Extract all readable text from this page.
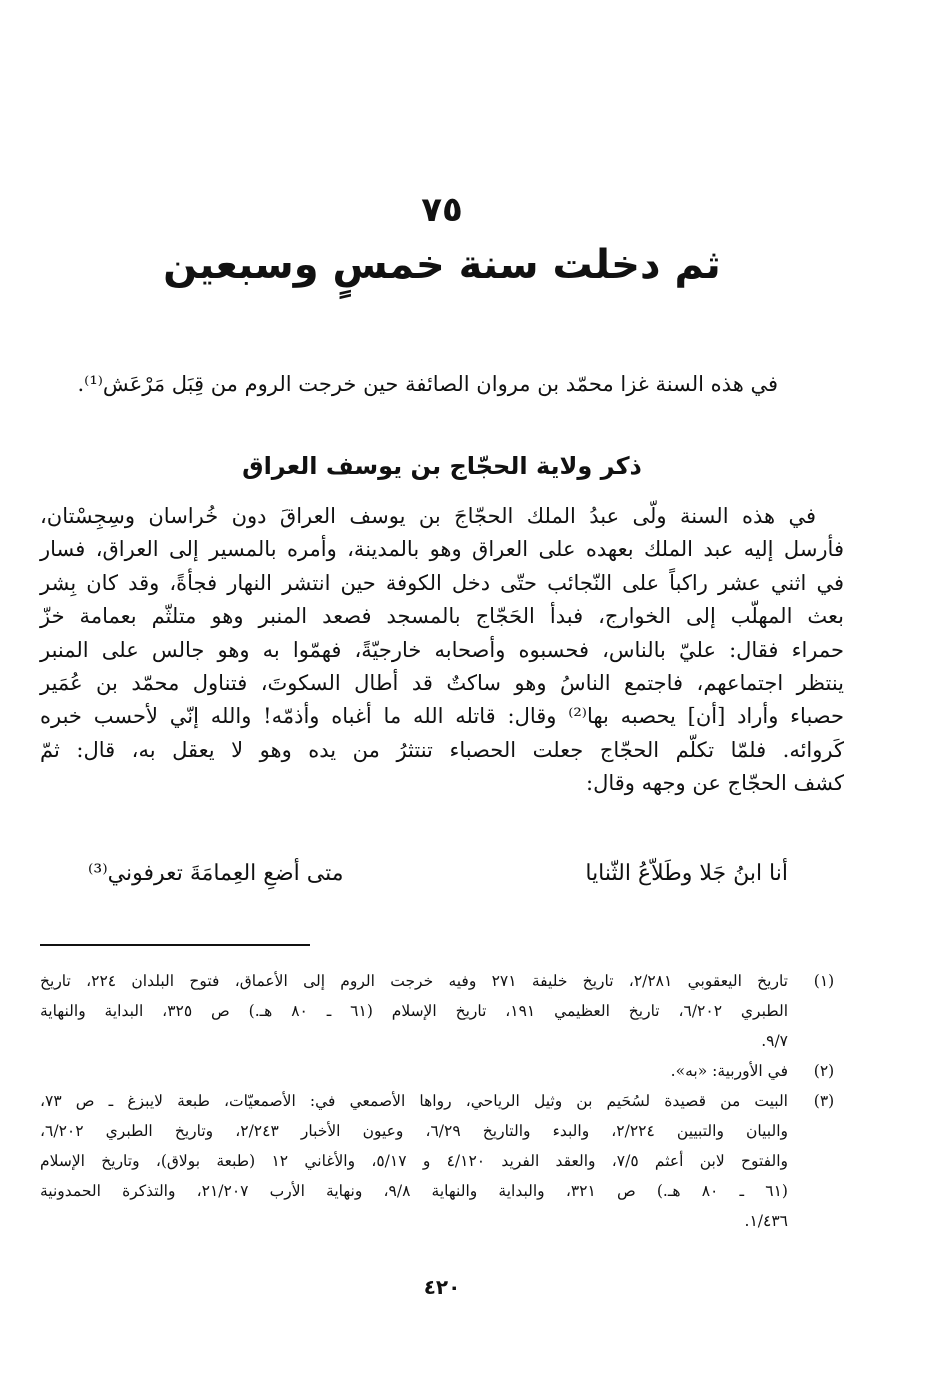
٧٥
ثم دخلت سنة خمسٍ وسبعين
في هذه السنة غزا محمّد بن مروان الصائفة حين خرجت الروم من قِبَل مَرْعَش⁽¹⁾.
ذكر ولاية الحجّاج بن يوسف العراق
في هذه السنة ولّى عبدُ الملك الحجّاجَ بن يوسف العراقَ دون خُراسان وسِجِسْتان،
فأرسل إليه عبد الملك بعهده على العراق وهو بالمدينة، وأمره بالمسير إلى العراق، فسار
في اثني عشر راكباً على النّجائب حتّى دخل الكوفة حين انتشر النهار فجأةً، وقد كان بِشر
بعث المهلّب إلى الخوارج، فبدأ الحَجّاج بالمسجد فصعد المنبر وهو متلثّم بعمامة خزّ
حمراء فقال: عليّ بالناس، فحسبوه وأصحابه خارجيّةً، فهمّوا به وهو جالس على المنبر
ينتظر اجتماعهم، فاجتمع الناسُ وهو ساكتٌ قد أطال السكوتَ، فتناول محمّد بن عُمَير
حصباء وأراد [أن] يحصبه بها⁽²⁾ وقال: قاتله الله ما أغباه وأذمّه! والله إنّي لأحسب خبره
كَروائه. فلمّا تكلّم الحجّاج جعلت الحصباء تنتثرُ من يده وهو لا يعقل به، قال: ثمّ
كشف الحجّاج عن وجهه وقال:
أنا ابنُ جَلا وطَلاّعُ الثّنايا
متى أضعِ العِمامَةَ تعرفوني⁽³⁾
(١)
تاريخ اليعقوبي ٢/٢٨١، تاريخ خليفة ٢٧١ وفيه خرجت الروم إلى الأعماق، فتوح البلدان ٢٢٤، تاريخ
الطبري ٦/٢٠٢، تاريخ العظيمي ١٩١، تاريخ الإسلام (٦١ ـ ٨٠ هـ.) ص ٣٢٥، البداية والنهاية
٩/٧.
(٢)
في الأوربية: «به».
(٣)
البيت من قصيدة لسُحَيم بن وثيل الرياحي، رواها الأصمعي في: الأصمعيّات، طبعة لايبزغ ـ ص ٧٣،
والبيان والتبيين ٢/٢٢٤، والبدء والتاريخ ٦/٢٩، وعيون الأخبار ٢/٢٤٣، وتاريخ الطبري ٦/٢٠٢،
والفتوح لابن أعثم ٧/٥، والعقد الفريد ٤/١٢٠ و ٥/١٧، والأغاني ١٢ (طبعة بولاق)، وتاريخ الإسلام
(٦١ ـ ٨٠ هـ.) ص ٣٢١، والبداية والنهاية ٩/٨، ونهاية الأرب ٢١/٢٠٧، والتذكرة الحمدونية
١/٤٣٦.
٤٢٠
